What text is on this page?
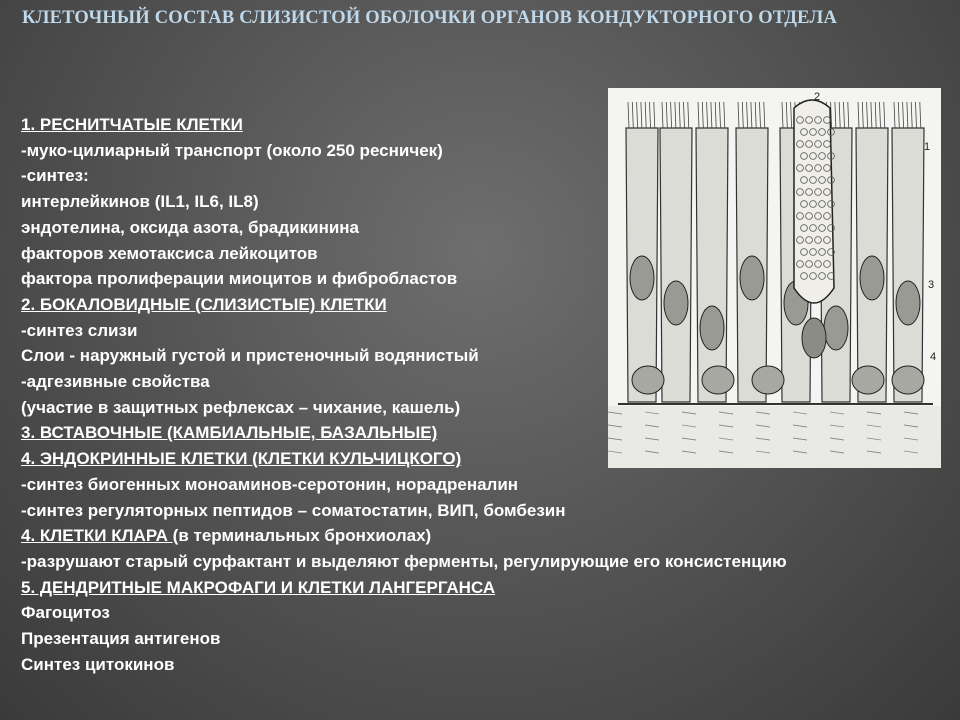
КЛЕТОЧНЫЙ СОСТАВ СЛИЗИСТОЙ ОБОЛОЧКИ ОРГАНОВ КОНДУКТОРНОГО ОТДЕЛА
1
2
3
4
1. РЕСНИТЧАТЫЕ КЛЕТКИ
-муко-цилиарный транспорт (около 250 ресничек)
-синтез:
интерлейкинов (IL1, IL6, IL8)
эндотелина, оксида азота, брадикинина
факторов хемотаксиса лейкоцитов
фактора пролиферации миоцитов и фибробластов
2. БОКАЛОВИДНЫЕ (СЛИЗИСТЫЕ) КЛЕТКИ
-синтез слизи
Слои - наружный густой и пристеночный водянистый
-адгезивные свойства
(участие в защитных рефлексах – чихание, кашель)
3. ВСТАВОЧНЫЕ (КАМБИАЛЬНЫЕ, БАЗАЛЬНЫЕ)
4. ЭНДОКРИННЫЕ КЛЕТКИ (КЛЕТКИ КУЛЬЧИЦКОГО)
-синтез биогенных моноаминов-серотонин, норадреналин
-синтез регуляторных пептидов – соматостатин, ВИП, бомбезин
4. КЛЕТКИ КЛАРА (в терминальных бронхиолах)
-разрушают старый сурфактант и выделяют ферменты, регулирующие его консистенцию
5. ДЕНДРИТНЫЕ МАКРОФАГИ И КЛЕТКИ ЛАНГЕРГАНСА
Фагоцитоз
Презентация антигенов
Синтез цитокинов
